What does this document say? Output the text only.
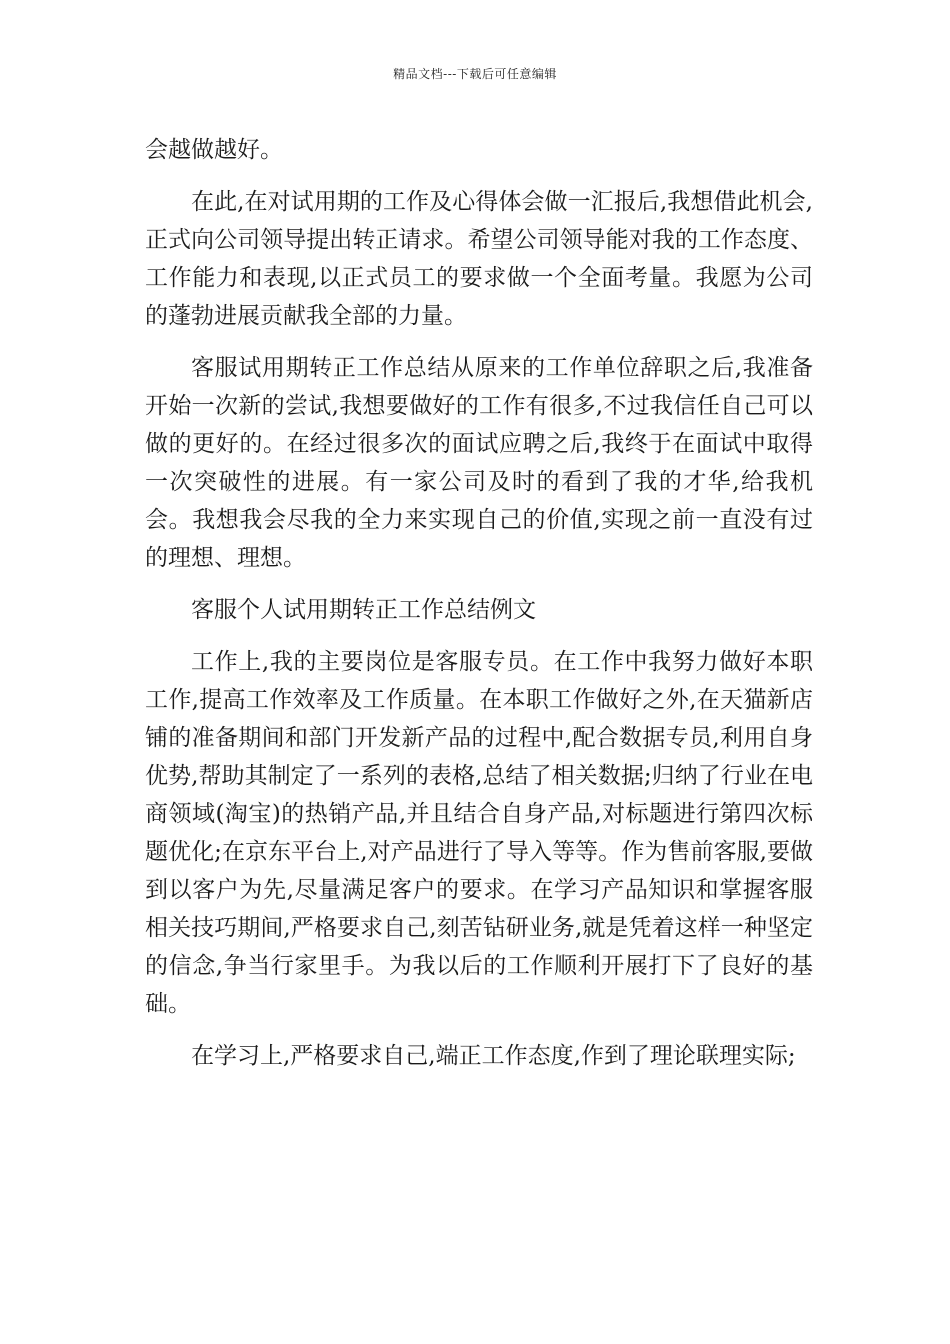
精品文档---下载后可任意编辑

会越做越好。

在此,在对试用期的工作及心得体会做一汇报后,我想借此机会,正式向公司领导提出转正请求。希望公司领导能对我的工作态度、工作能力和表现,以正式员工的要求做一个全面考量。我愿为公司的蓬勃进展贡献我全部的力量。

客服试用期转正工作总结从原来的工作单位辞职之后,我准备开始一次新的尝试,我想要做好的工作有很多,不过我信任自己可以做的更好的。在经过很多次的面试应聘之后,我终于在面试中取得一次突破性的进展。有一家公司及时的看到了我的才华,给我机会。我想我会尽我的全力来实现自己的价值,实现之前一直没有过的理想、理想。

客服个人试用期转正工作总结例文

工作上,我的主要岗位是客服专员。在工作中我努力做好本职工作,提高工作效率及工作质量。在本职工作做好之外,在天猫新店铺的准备期间和部门开发新产品的过程中,配合数据专员,利用自身优势,帮助其制定了一系列的表格,总结了相关数据;归纳了行业在电商领域(淘宝)的热销产品,并且结合自身产品,对标题进行第四次标题优化;在京东平台上,对产品进行了导入等等。作为售前客服,要做到以客户为先,尽量满足客户的要求。在学习产品知识和掌握客服相关技巧期间,严格要求自己,刻苦钻研业务,就是凭着这样一种坚定的信念,争当行家里手。为我以后的工作顺利开展打下了良好的基础。

在学习上,严格要求自己,端正工作态度,作到了理论联理实际;
